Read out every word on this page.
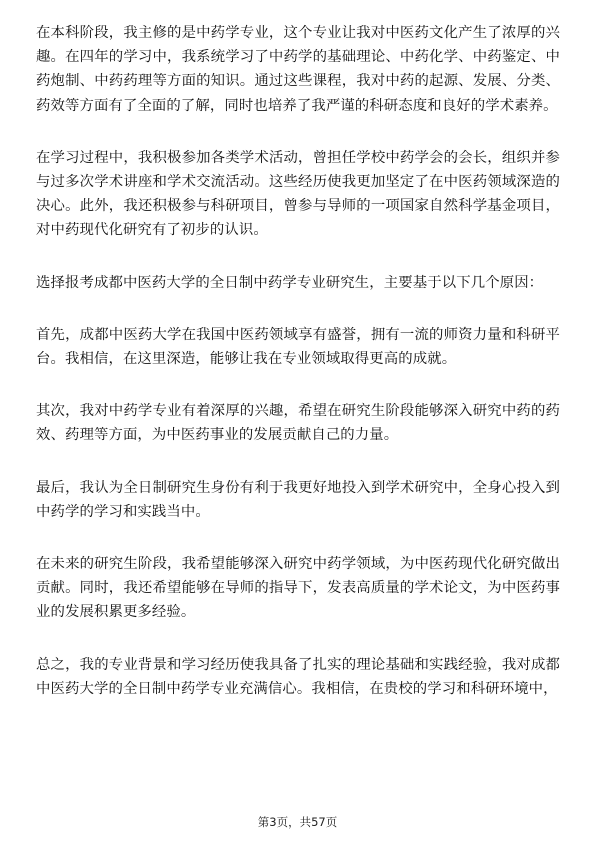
在本科阶段，我主修的是中药学专业，这个专业让我对中医药文化产生了浓厚的兴趣。在四年的学习中，我系统学习了中药学的基础理论、中药化学、中药鉴定、中药炮制、中药药理等方面的知识。通过这些课程，我对中药的起源、发展、分类、药效等方面有了全面的了解，同时也培养了我严谨的科研态度和良好的学术素养。

在学习过程中，我积极参加各类学术活动，曾担任学校中药学会的会长，组织并参与过多次学术讲座和学术交流活动。这些经历使我更加坚定了在中医药领域深造的决心。此外，我还积极参与科研项目，曾参与导师的一项国家自然科学基金项目，对中药现代化研究有了初步的认识。

选择报考成都中医药大学的全日制中药学专业研究生，主要基于以下几个原因：

首先，成都中医药大学在我国中医药领域享有盛誉，拥有一流的师资力量和科研平台。我相信，在这里深造，能够让我在专业领域取得更高的成就。

其次，我对中药学专业有着深厚的兴趣，希望在研究生阶段能够深入研究中药的药效、药理等方面，为中医药事业的发展贡献自己的力量。

最后，我认为全日制研究生身份有利于我更好地投入到学术研究中，全身心投入到中药学的学习和实践当中。

在未来的研究生阶段，我希望能够深入研究中药学领域，为中医药现代化研究做出贡献。同时，我还希望能够在导师的指导下，发表高质量的学术论文，为中医药事业的发展积累更多经验。

总之，我的专业背景和学习经历使我具备了扎实的理论基础和实践经验，我对成都中医药大学的全日制中药学专业充满信心。我相信，在贵校的学习和科研环境中，

第3页，共57页
